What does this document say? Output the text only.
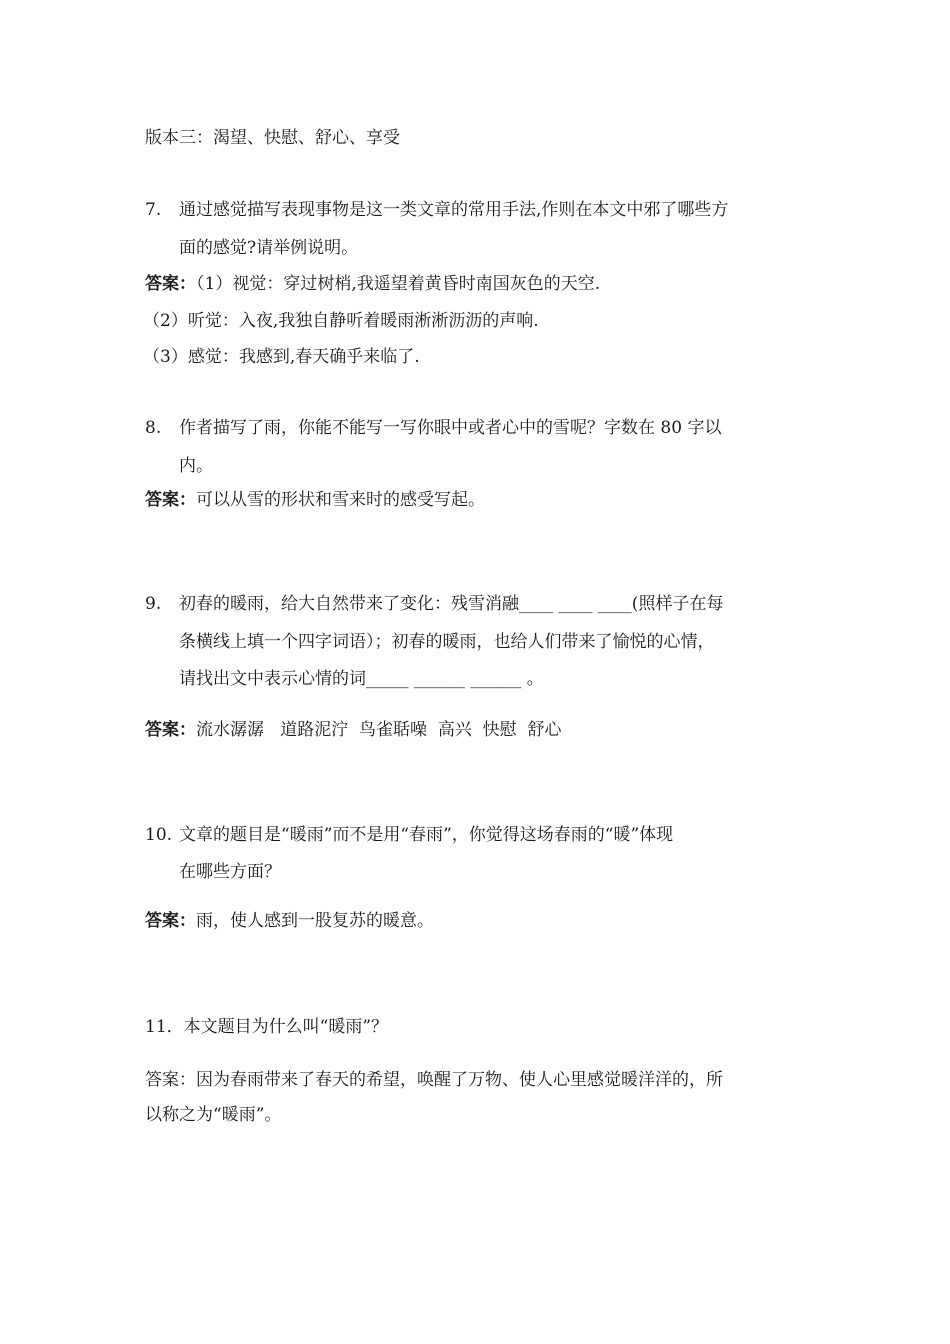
版本三：渴望、快慰、舒心、享受
7. 通过感觉描写表现事物是这一类文章的常用手法,作则在本文中邪了哪些方
面的感觉?请举例说明。
答案：（1）视觉：穿过树梢,我遥望着黄昏时南国灰色的天空.
（2）听觉：入夜,我独自静听着暖雨淅淅沥沥的声响.
（3）感觉：我感到,春天确乎来临了.
8. 作者描写了雨，你能不能写一写你眼中或者心中的雪呢？字数在 80 字以
内。
答案：可以从雪的形状和雪来时的感受写起。
9. 初春的暖雨，给大自然带来了变化：残雪消融____ ____ ____(照样子在每
条横线上填一个四字词语）；初春的暖雨，也给人们带来了愉悦的心情，
请找出文中表示心情的词_____ ______ ______ 。
答案：流水潺潺   道路泥泞  鸟雀聒噪  高兴  快慰  舒心
10. 文章的题目是“暖雨”而不是用“春雨”，你觉得这场春雨的“暖”体现
在哪些方面？
答案：雨，使人感到一股复苏的暖意。
11．本文题目为什么叫“暖雨”？
答案：因为春雨带来了春天的希望，唤醒了万物、使人心里感觉暖洋洋的，所
以称之为“暖雨”。
